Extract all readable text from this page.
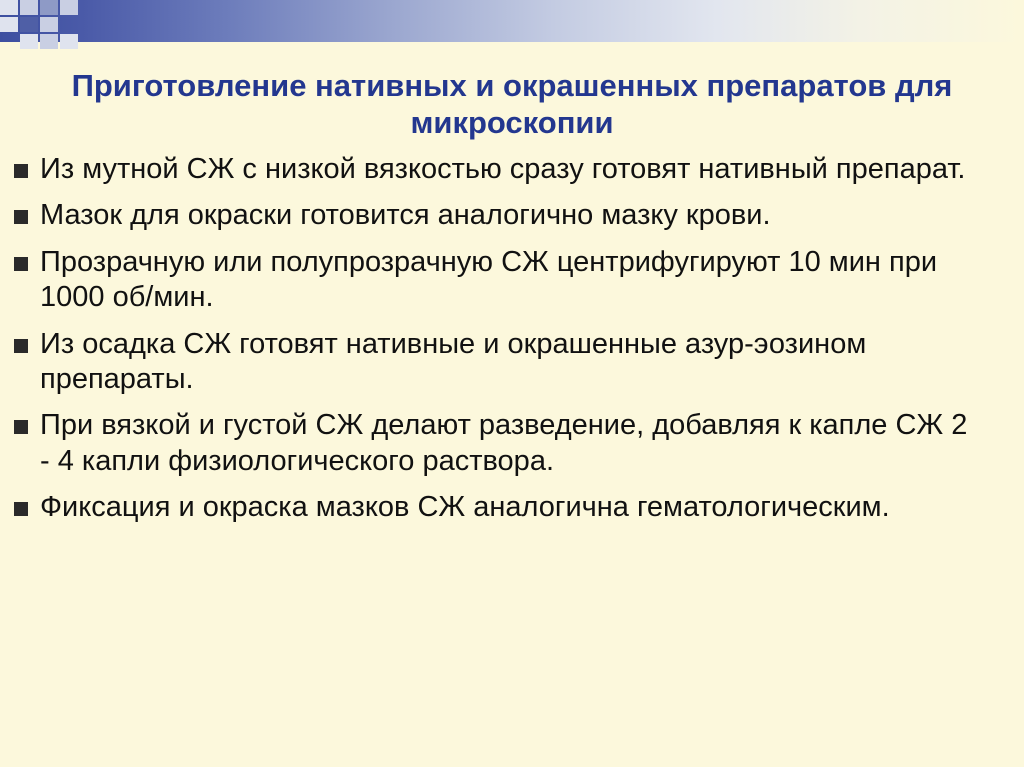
Приготовление нативных и окрашенных препаратов для микроскопии
Из мутной СЖ с низкой вязкостью сразу готовят нативный препарат.
Мазок для окраски готовится аналогично мазку крови.
Прозрачную или полупрозрачную СЖ центрифугируют 10 мин при 1000 об/мин.
Из осадка СЖ готовят нативные и окрашенные азур-эозином препараты.
При вязкой и густой СЖ делают разведение, добавляя к капле СЖ 2 - 4 капли физиологического раствора.
Фиксация и окраска мазков СЖ аналогична гематологическим.
